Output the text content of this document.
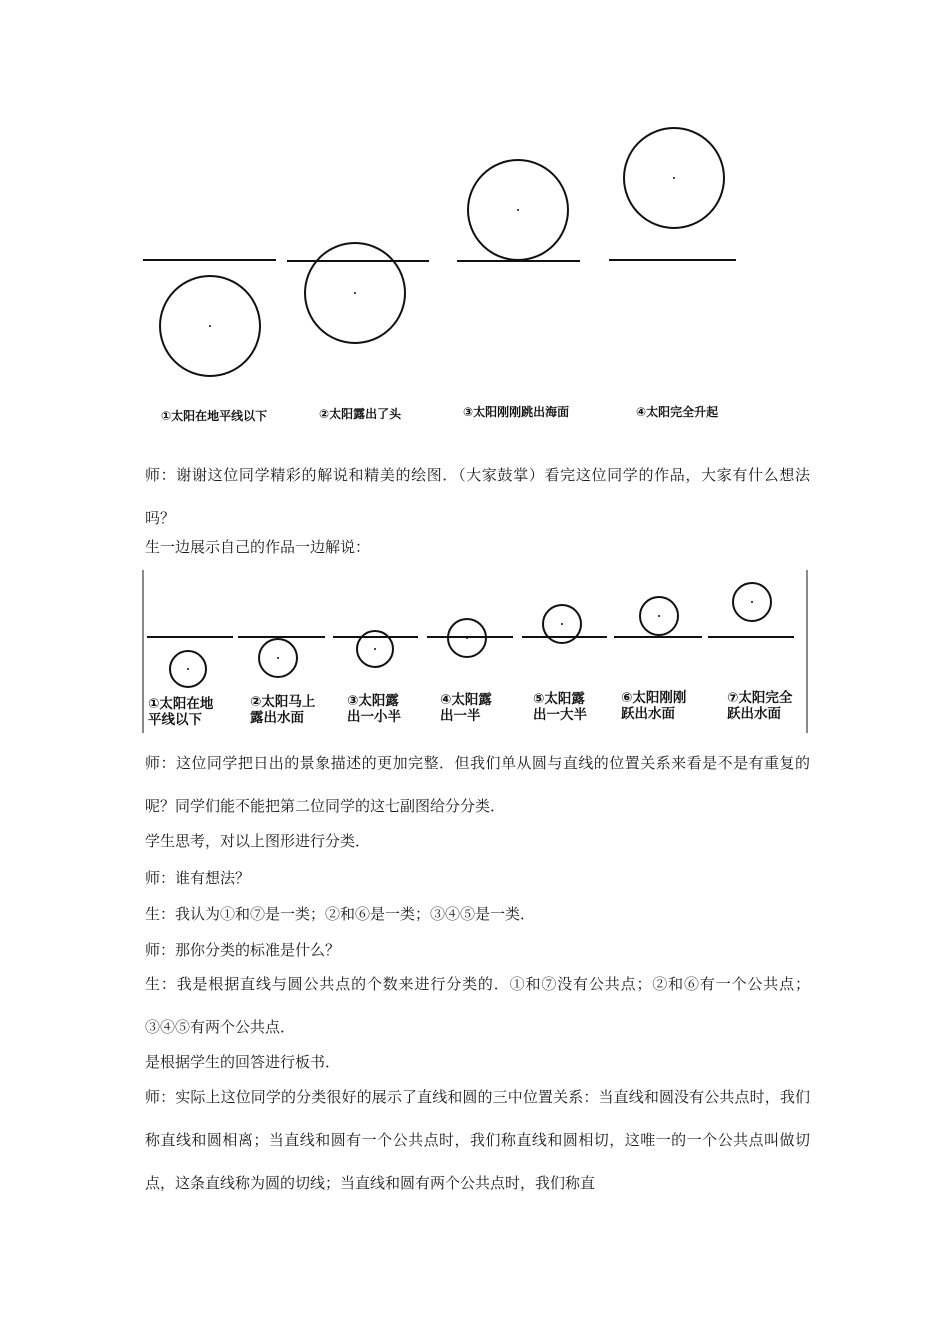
①太阳在地平线以下	②太阳露出了头	③太阳刚刚跳出海面	④太阳完全升起

师：谢谢这位同学精彩的解说和精美的绘图．（大家鼓掌）看完这位同学的作品，大家有什么想法吗？

生一边展示自己的作品一边解说：

①太阳在地
平线以下
②太阳马上
露出水面
③太阳露
出一小半
④太阳露
出一半
⑤太阳露
出一大半
⑥太阳刚刚
跃出水面
⑦太阳完全
跃出水面

师：这位同学把日出的景象描述的更加完整．但我们单从圆与直线的位置关系来看是不是有重复的呢？同学们能不能把第二位同学的这七副图给分分类．

学生思考，对以上图形进行分类．

师：谁有想法？

生：我认为①和⑦是一类；②和⑥是一类；③④⑤是一类．

师：那你分类的标准是什么？

生：我是根据直线与圆公共点的个数来进行分类的．①和⑦没有公共点；②和⑥有一个公共点；③④⑤有两个公共点．

是根据学生的回答进行板书．

师：实际上这位同学的分类很好的展示了直线和圆的三中位置关系：当直线和圆没有公共点时，我们称直线和圆相离；当直线和圆有一个公共点时，我们称直线和圆相切，这唯一的一个公共点叫做切点，这条直线称为圆的切线；当直线和圆有两个公共点时，我们称直
